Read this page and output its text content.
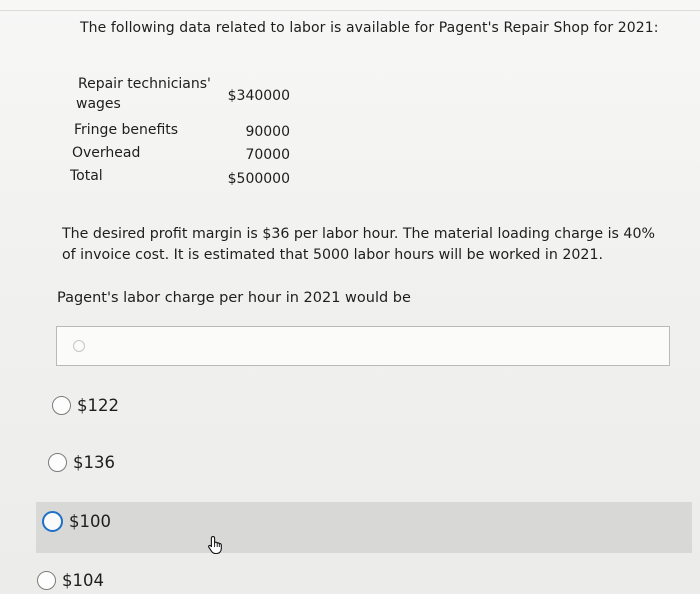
The following data related to labor is available for Pagent's Repair Shop for 2021:
Repair technicians'
wages	$340000
Fringe benefits	90000
Overhead	70000
Total	$500000
The desired profit margin is $36 per labor hour. The material loading charge is 40% of invoice cost. It is estimated that 5000 labor hours will be worked in 2021.
Pagent's labor charge per hour in 2021 would be
$122
$136
$100
$104
